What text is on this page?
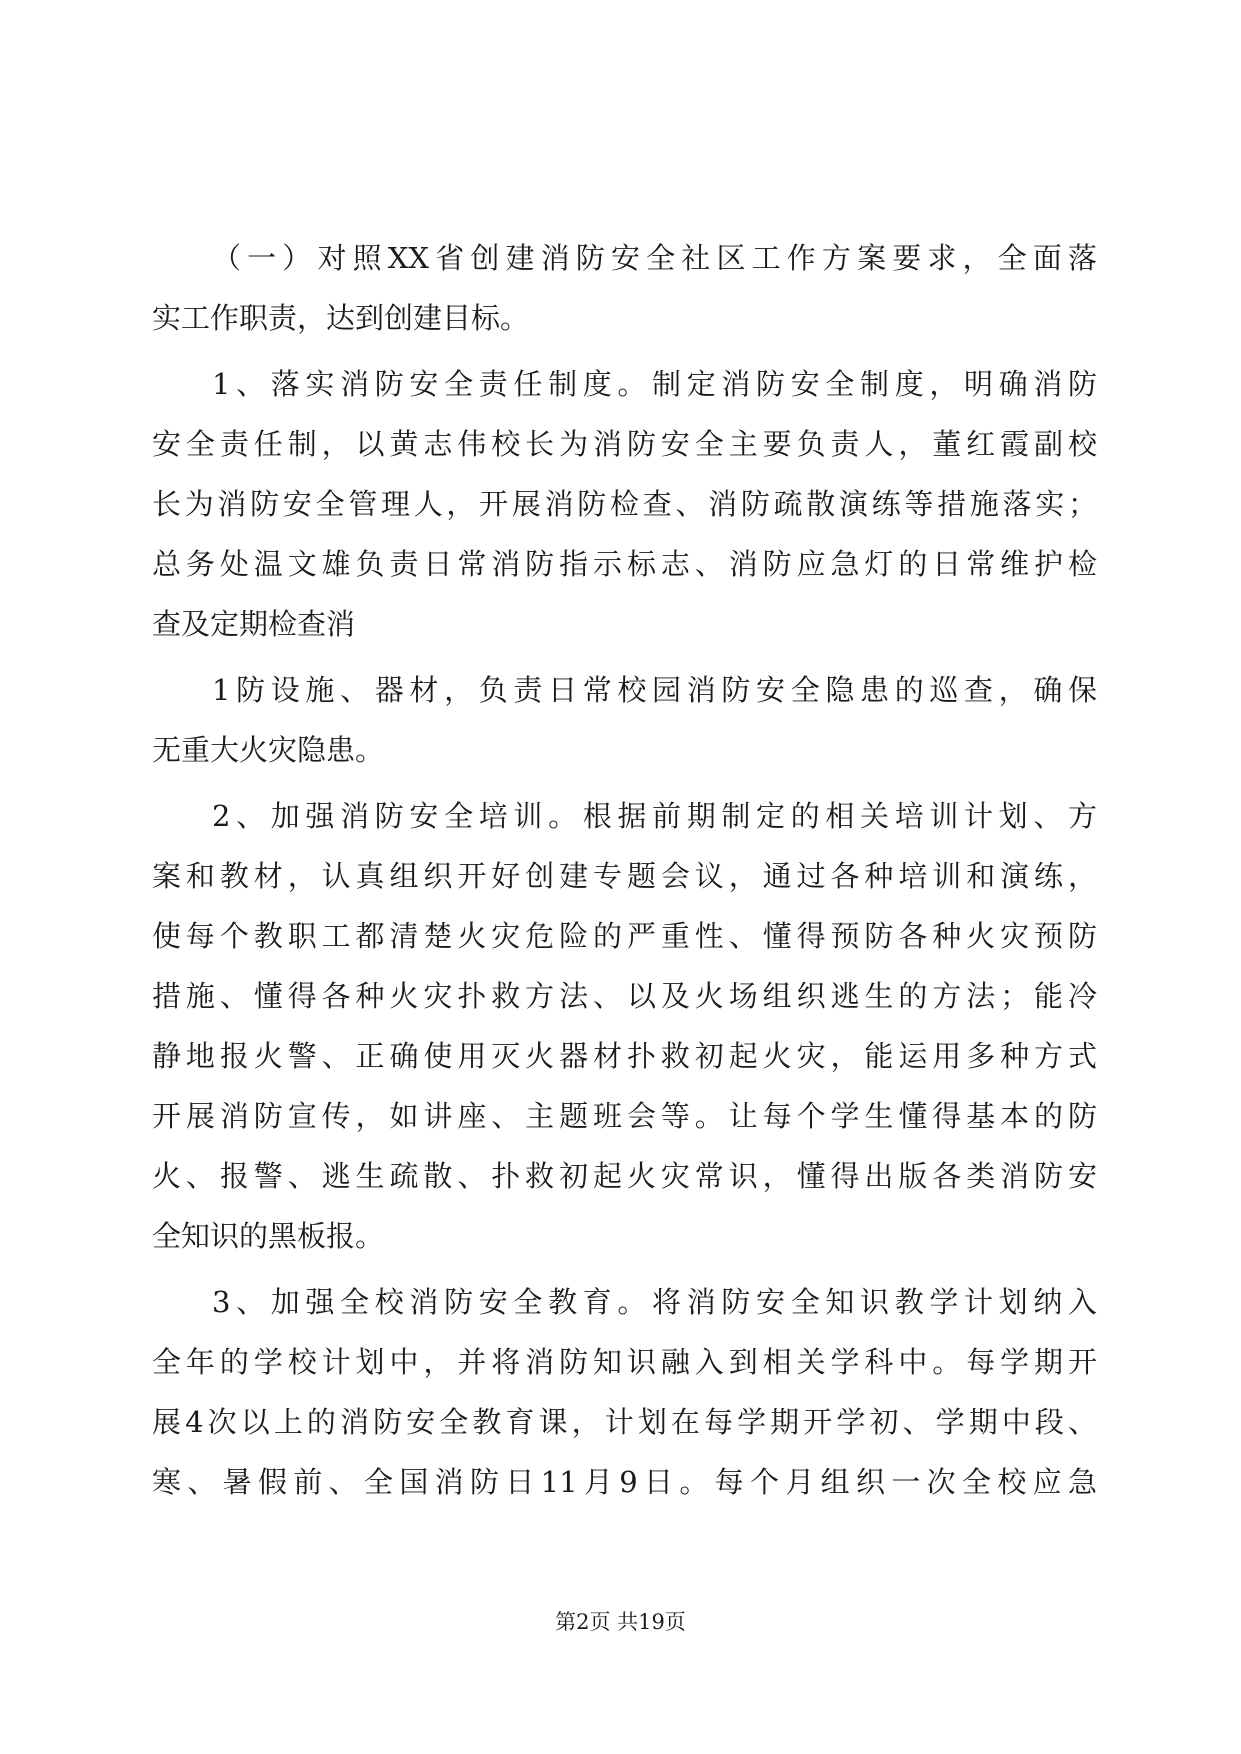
（一）对照XX省创建消防安全社区工作方案要求，全面落
实工作职责，达到创建目标。
1、落实消防安全责任制度。制定消防安全制度，明确消防
安全责任制，以黄志伟校长为消防安全主要负责人，董红霞副校
长为消防安全管理人，开展消防检查、消防疏散演练等措施落实；
总务处温文雄负责日常消防指示标志、消防应急灯的日常维护检
查及定期检查消
1防设施、器材，负责日常校园消防安全隐患的巡查，确保
无重大火灾隐患。
2、加强消防安全培训。根据前期制定的相关培训计划、方
案和教材，认真组织开好创建专题会议，通过各种培训和演练，
使每个教职工都清楚火灾危险的严重性、懂得预防各种火灾预防
措施、懂得各种火灾扑救方法、以及火场组织逃生的方法；能冷
静地报火警、正确使用灭火器材扑救初起火灾，能运用多种方式
开展消防宣传，如讲座、主题班会等。让每个学生懂得基本的防
火、报警、逃生疏散、扑救初起火灾常识，懂得出版各类消防安
全知识的黑板报。
3、加强全校消防安全教育。将消防安全知识教学计划纳入
全年的学校计划中，并将消防知识融入到相关学科中。每学期开
展4次以上的消防安全教育课，计划在每学期开学初、学期中段、
寒、暑假前、全国消防日11月9日。每个月组织一次全校应急
第2页 共19页
